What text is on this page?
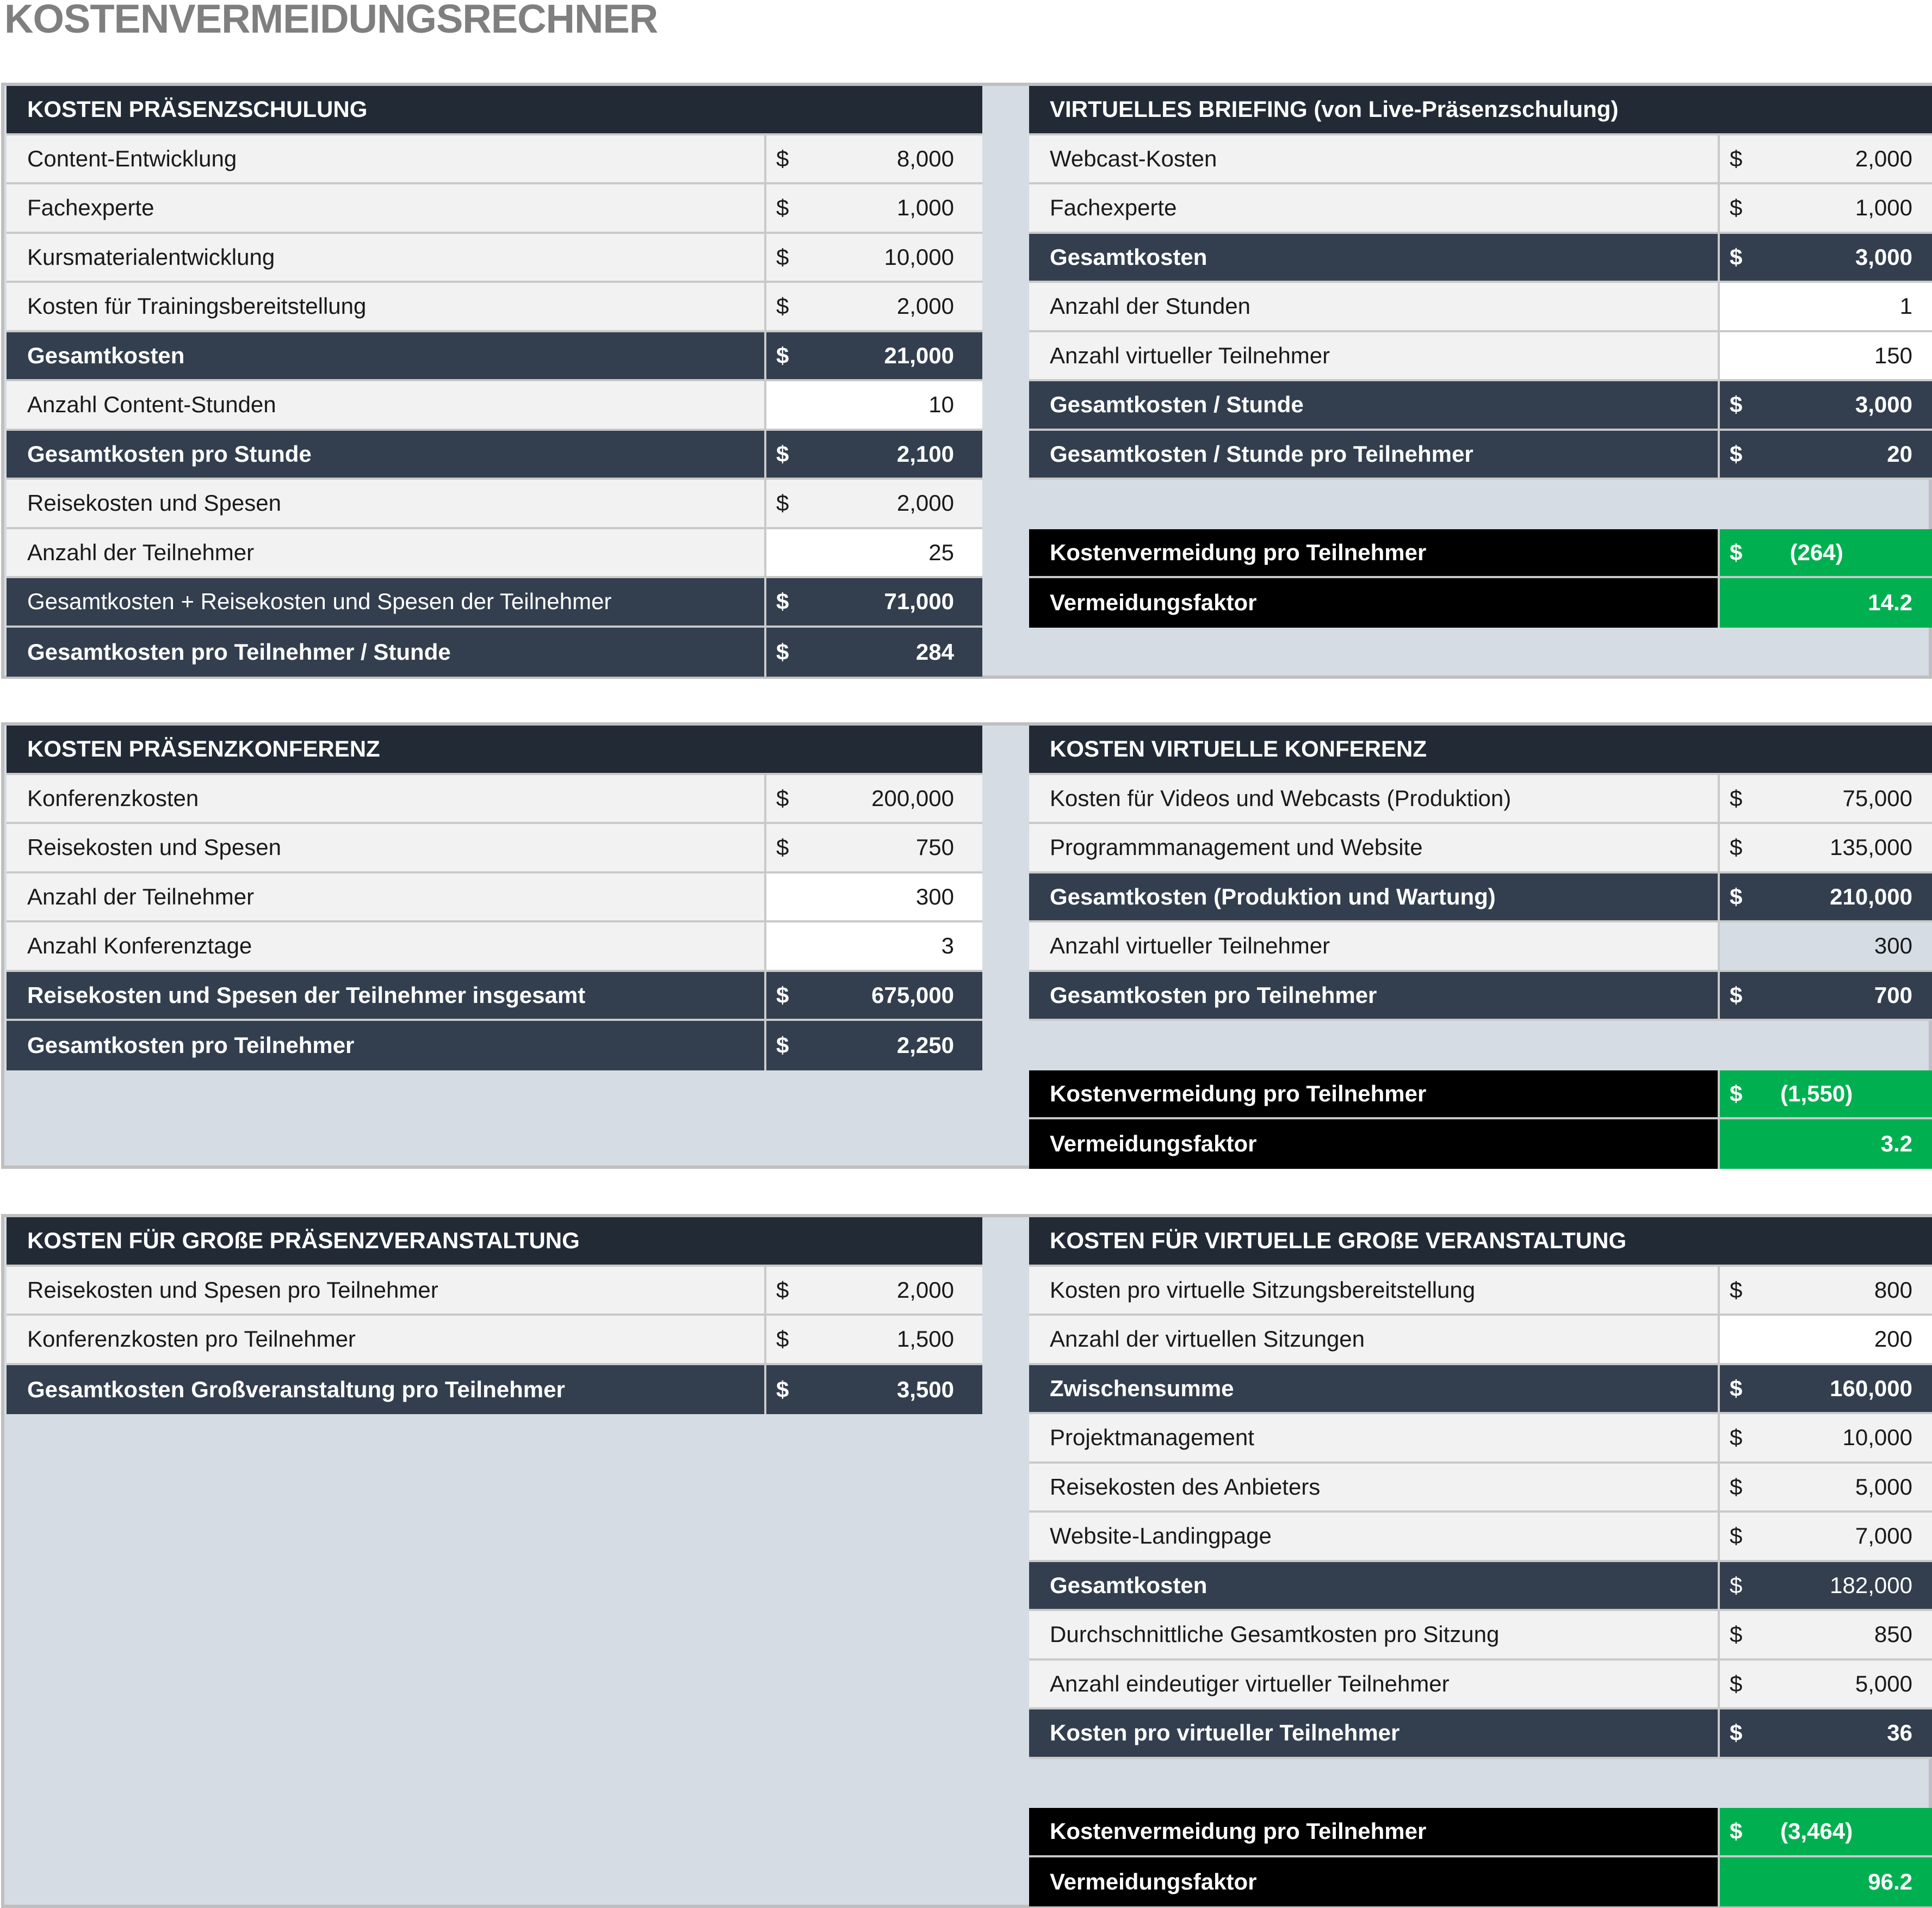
KOSTENVERMEIDUNGSRECHNER
KOSTEN PRÄSENZSCHULUNG
Content-Entwicklung	$	8,000
Fachexperte	$	1,000
Kursmaterialentwicklung	$	10,000
Kosten für Trainingsbereitstellung	$	2,000
Gesamtkosten	$	21,000
Anzahl Content-Stunden	10
Gesamtkosten pro Stunde	$	2,100
Reisekosten und Spesen	$	2,000
Anzahl der Teilnehmer	25
Gesamtkosten + Reisekosten und Spesen der Teilnehmer	$	71,000
Gesamtkosten pro Teilnehmer / Stunde	$	284
VIRTUELLES BRIEFING (von Live-Präsenzschulung)
Webcast-Kosten	$	2,000
Fachexperte	$	1,000
Gesamtkosten	$	3,000
Anzahl der Stunden	1
Anzahl virtueller Teilnehmer	150
Gesamtkosten / Stunde	$	3,000
Gesamtkosten / Stunde pro Teilnehmer	$	20
Kostenvermeidung pro Teilnehmer	$	(264)
Vermeidungsfaktor	14.2
KOSTEN PRÄSENZKONFERENZ
Konferenzkosten	$	200,000
Reisekosten und Spesen	$	750
Anzahl der Teilnehmer	300
Anzahl Konferenztage	3
Reisekosten und Spesen der Teilnehmer insgesamt	$	675,000
Gesamtkosten pro Teilnehmer	$	2,250
KOSTEN VIRTUELLE KONFERENZ
Kosten für Videos und Webcasts (Produktion)	$	75,000
Programmmanagement und Website	$	135,000
Gesamtkosten (Produktion und Wartung)	$	210,000
Anzahl virtueller Teilnehmer	300
Gesamtkosten pro Teilnehmer	$	700
Kostenvermeidung pro Teilnehmer	$	(1,550)
Vermeidungsfaktor	3.2
KOSTEN FÜR GROßE PRÄSENZVERANSTALTUNG
Reisekosten und Spesen pro Teilnehmer	$	2,000
Konferenzkosten pro Teilnehmer	$	1,500
Gesamtkosten Großveranstaltung pro Teilnehmer	$	3,500
KOSTEN FÜR VIRTUELLE GROßE VERANSTALTUNG
Kosten pro virtuelle Sitzungsbereitstellung	$	800
Anzahl der virtuellen Sitzungen	200
Zwischensumme	$	160,000
Projektmanagement	$	10,000
Reisekosten des Anbieters	$	5,000
Website-Landingpage	$	7,000
Gesamtkosten	$	182,000
Durchschnittliche Gesamtkosten pro Sitzung	$	850
Anzahl eindeutiger virtueller Teilnehmer	$	5,000
Kosten pro virtueller Teilnehmer	$	36
Kostenvermeidung pro Teilnehmer	$	(3,464)
Vermeidungsfaktor	96.2
